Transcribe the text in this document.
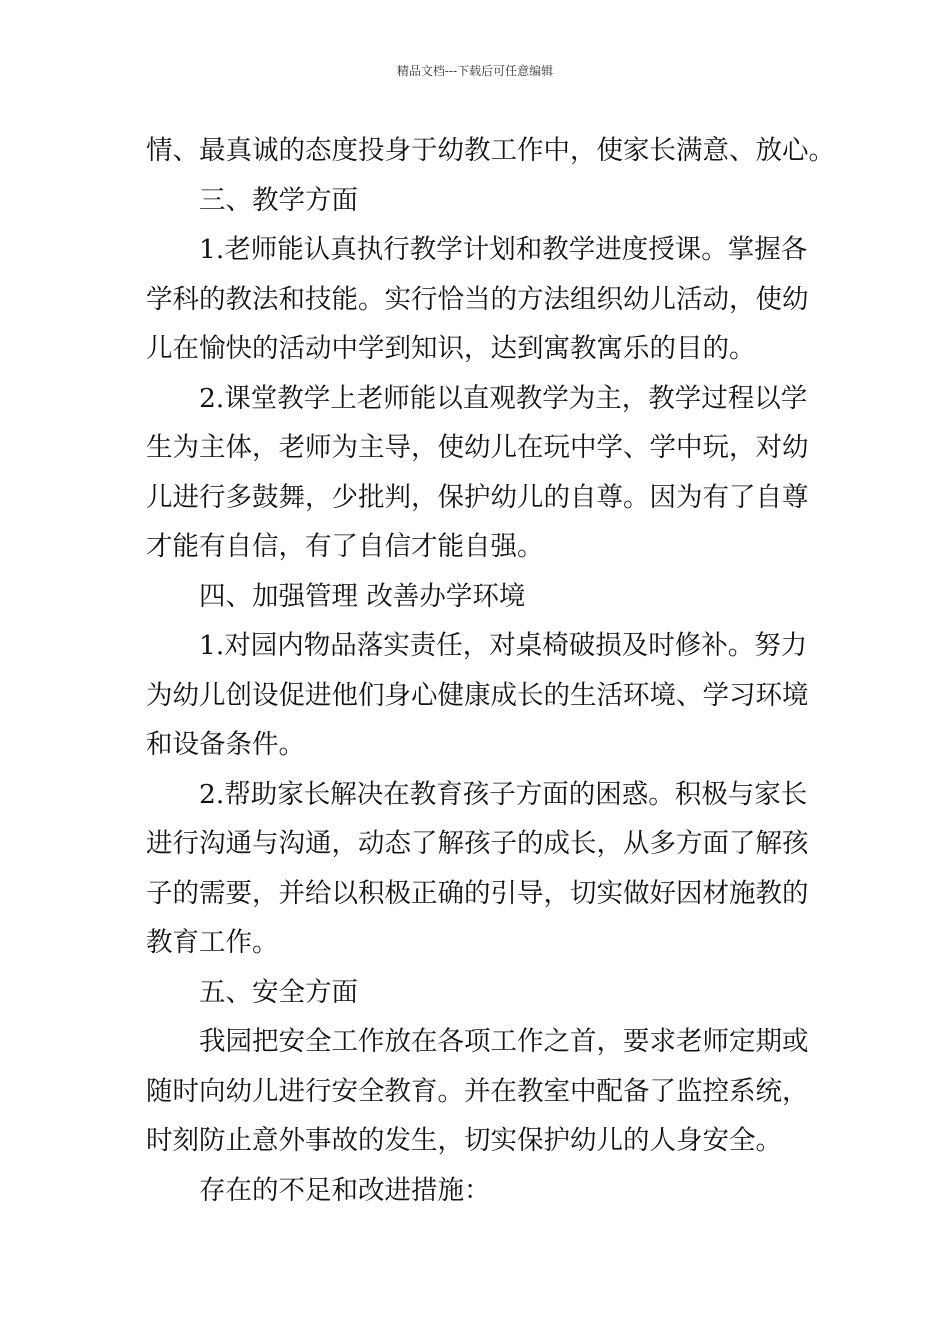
精品文档---下载后可任意编辑
情、最真诚的态度投身于幼教工作中，使家长满意、放心。
三、教学方面
1.老师能认真执行教学计划和教学进度授课。掌握各
学科的教法和技能。实行恰当的方法组织幼儿活动，使幼
儿在愉快的活动中学到知识，达到寓教寓乐的目的。
2.课堂教学上老师能以直观教学为主，教学过程以学
生为主体，老师为主导，使幼儿在玩中学、学中玩，对幼
儿进行多鼓舞，少批判，保护幼儿的自尊。因为有了自尊
才能有自信，有了自信才能自强。
四、加强管理 改善办学环境
1.对园内物品落实责任，对桌椅破损及时修补。努力
为幼儿创设促进他们身心健康成长的生活环境、学习环境
和设备条件。
2.帮助家长解决在教育孩子方面的困惑。积极与家长
进行沟通与沟通，动态了解孩子的成长，从多方面了解孩
子的需要，并给以积极正确的引导，切实做好因材施教的
教育工作。
五、安全方面
我园把安全工作放在各项工作之首，要求老师定期或
随时向幼儿进行安全教育。并在教室中配备了监控系统，
时刻防止意外事故的发生，切实保护幼儿的人身安全。
存在的不足和改进措施：
